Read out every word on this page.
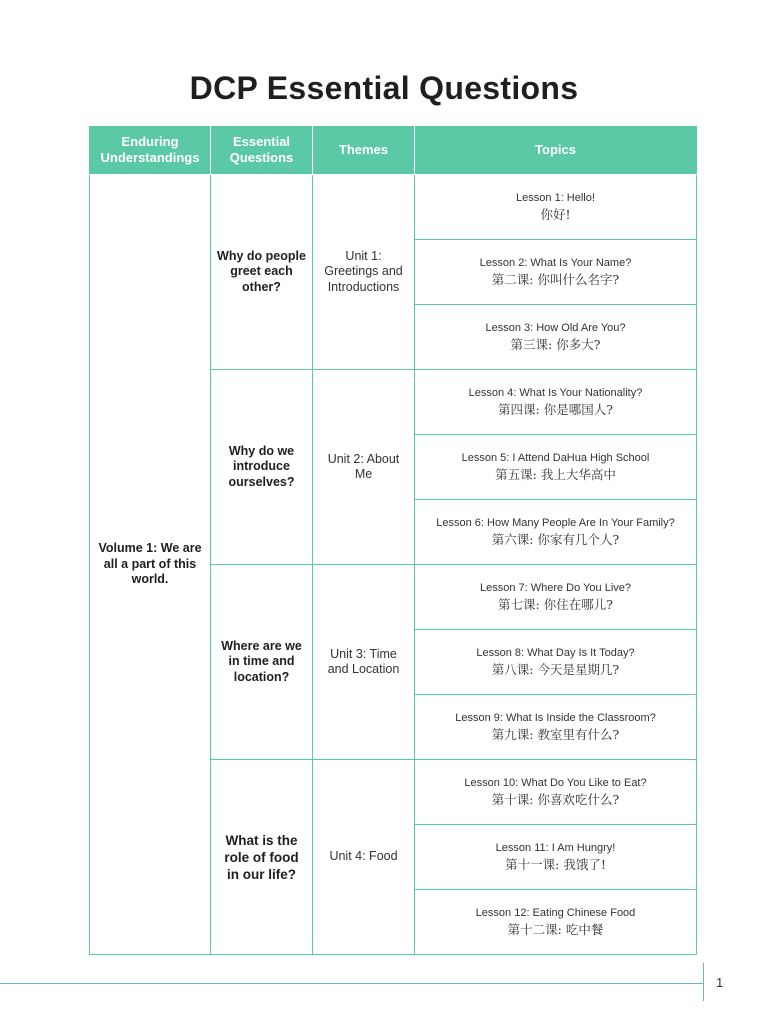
DCP Essential Questions
Enduring Understandings	Essential Questions	Themes	Topics
Volume 1: We are all a part of this world.	Why do people greet each other?	Unit 1: Greetings and Introductions	Lesson 1: Hello!
你好!

			Lesson 2: What Is Your Name?
第二课: 你叫什么名字?

			Lesson 3: How Old Are You?
第三课: 你多大?

	Why do we introduce ourselves?	Unit 2: About Me	Lesson 4: What Is Your Nationality?
第四课: 你是哪国人?

			Lesson 5: I Attend DaHua High School
第五课: 我上大华高中

			Lesson 6: How Many People Are In Your Family?
第六课: 你家有几个人?

	Where are we in time and location?	Unit 3: Time and Location	Lesson 7: Where Do You Live?
第七课: 你住在哪儿?

			Lesson 8: What Day Is It Today?
第八课: 今天是星期几?

			Lesson 9: What Is Inside the Classroom?
第九课: 教室里有什么?

	What is the role of food in our life?	Unit 4: Food	Lesson 10: What Do You Like to Eat?
第十课: 你喜欢吃什么?

			Lesson 11: I Am Hungry!
第十一课: 我饿了!

			Lesson 12: Eating Chinese Food
第十二课: 吃中餐
1
